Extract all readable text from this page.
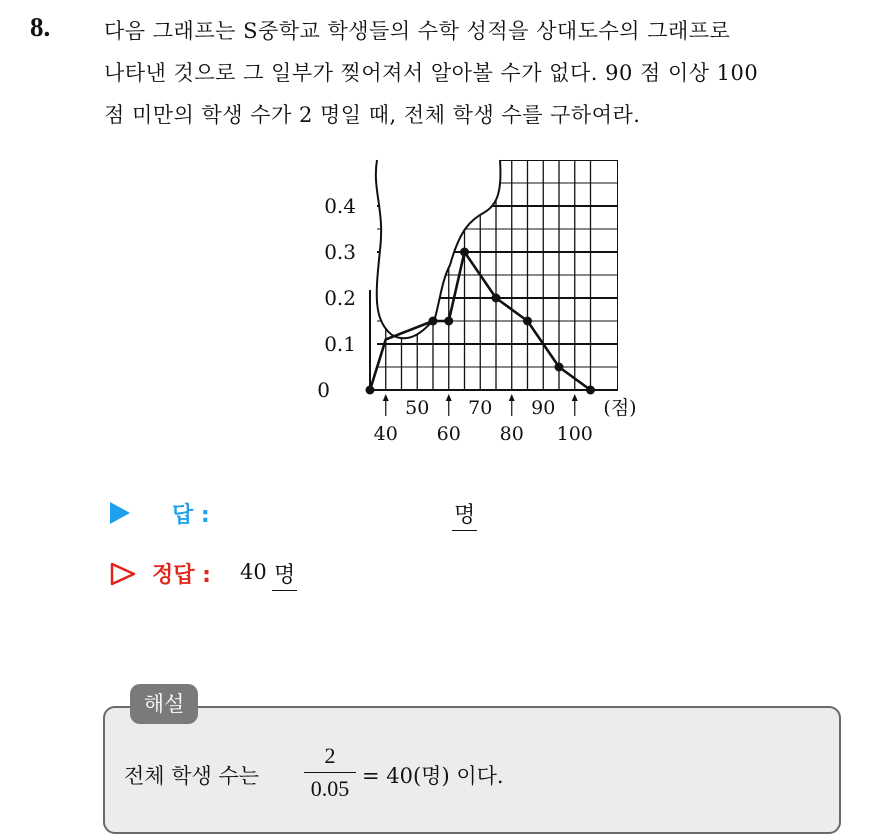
8.	다음 그래프는 S중학교 학생들의 수학 성적을 상대도수의 그래프로
나타낸 것으로 그 일부가 찢어져서 알아볼 수가 없다. 90 점 이상 100
점 미만의 학생 수가 2 명일 때, 전체 학생 수를 구하여라.
0
0.1
0.2
0.3
0.4
50 70 90
40 60 80 100
(점)
답 :	명
정답 : 40 명
해설
전체 학생 수는
2
0.05 = 40(명) 이다.
